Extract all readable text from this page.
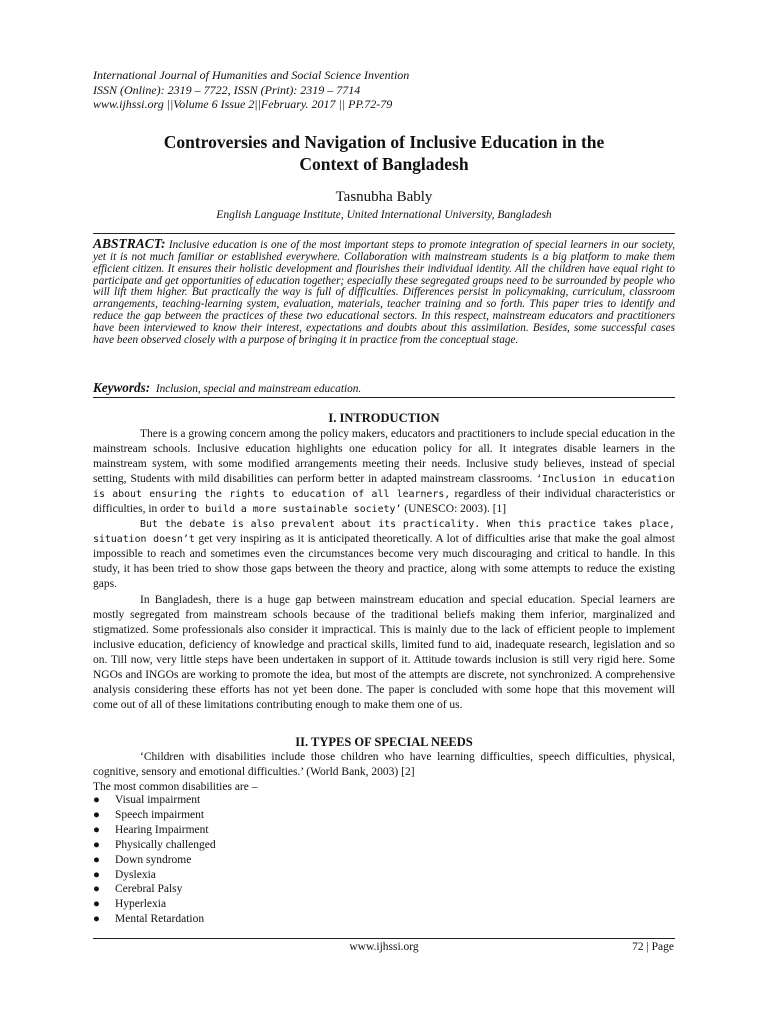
International Journal of Humanities and Social Science Invention
ISSN (Online): 2319 – 7722, ISSN (Print): 2319 – 7714
www.ijhssi.org ||Volume 6 Issue 2||February. 2017 || PP.72-79
Controversies and Navigation of Inclusive Education in the
Context of Bangladesh
Tasnubha Bably
English Language Institute, United International University, Bangladesh
ABSTRACT: Inclusive education is one of the most important steps to promote integration of special learners in our society, yet it is not much familiar or established everywhere. Collaboration with mainstream students is a big platform to make them efficient citizen. It ensures their holistic development and flourishes their individual identity. All the children have equal right to participate and get opportunities of education together; especially these segregated groups need to be surrounded by people who will lift them higher. But practically the way is full of difficulties. Differences persist in policymaking, curriculum, classroom arrangements, teaching-learning system, evaluation, materials, teacher training and so forth. This paper tries to identify and reduce the gap between the practices of these two educational sectors. In this respect, mainstream educators and practitioners have been interviewed to know their interest, expectations and doubts about this assimilation. Besides, some successful cases have been observed closely with a purpose of bringing it in practice from the conceptual stage.
Keywords: Inclusion, special and mainstream education.
I. INTRODUCTION

There is a growing concern among the policy makers, educators and practitioners to include special education in the mainstream schools. Inclusive education highlights one education policy for all. It integrates disable learners in the mainstream system, with some modified arrangements meeting their needs. Inclusive study believes, instead of special setting, Students with mild disabilities can perform better in adapted mainstream classrooms. ‘Inclusion in education is about ensuring the rights to education of all learners, regardless of their individual characteristics or difficulties, in order to build a more sustainable society’ (UNESCO: 2003). [1]

But the debate is also prevalent about its practicality. When this practice takes place, situation doesn’t get very inspiring as it is anticipated theoretically. A lot of difficulties arise that make the goal almost impossible to reach and sometimes even the circumstances become very much discouraging and critical to handle. In this study, it has been tried to show those gaps between the theory and practice, along with some attempts to reduce the existing gaps.

In Bangladesh, there is a huge gap between mainstream education and special education. Special learners are mostly segregated from mainstream schools because of the traditional beliefs making them inferior, marginalized and stigmatized. Some professionals also consider it impractical. This is mainly due to the lack of efficient people to implement inclusive education, deficiency of knowledge and practical skills, limited fund to aid, inadequate research, legislation and so on. Till now, very little steps have been undertaken in support of it. Attitude towards inclusion is still very rigid here. Some NGOs and INGOs are working to promote the idea, but most of the attempts are discrete, not synchronized. A comprehensive analysis considering these efforts has not yet been done. The paper is concluded with some hope that this movement will come out of all of these limitations contributing enough to make them one of us.

II. TYPES OF SPECIAL NEEDS

‘Children with disabilities include those children who have learning difficulties, speech difficulties, physical, cognitive, sensory and emotional difficulties.’ (World Bank, 2003) [2]

The most common disabilities are –

● Visual impairment
● Speech impairment
● Hearing Impairment
● Physically challenged
● Down syndrome
● Dyslexia
● Cerebral Palsy
● Hyperlexia
● Mental Retardation
www.ijhssi.org	72 | Page
